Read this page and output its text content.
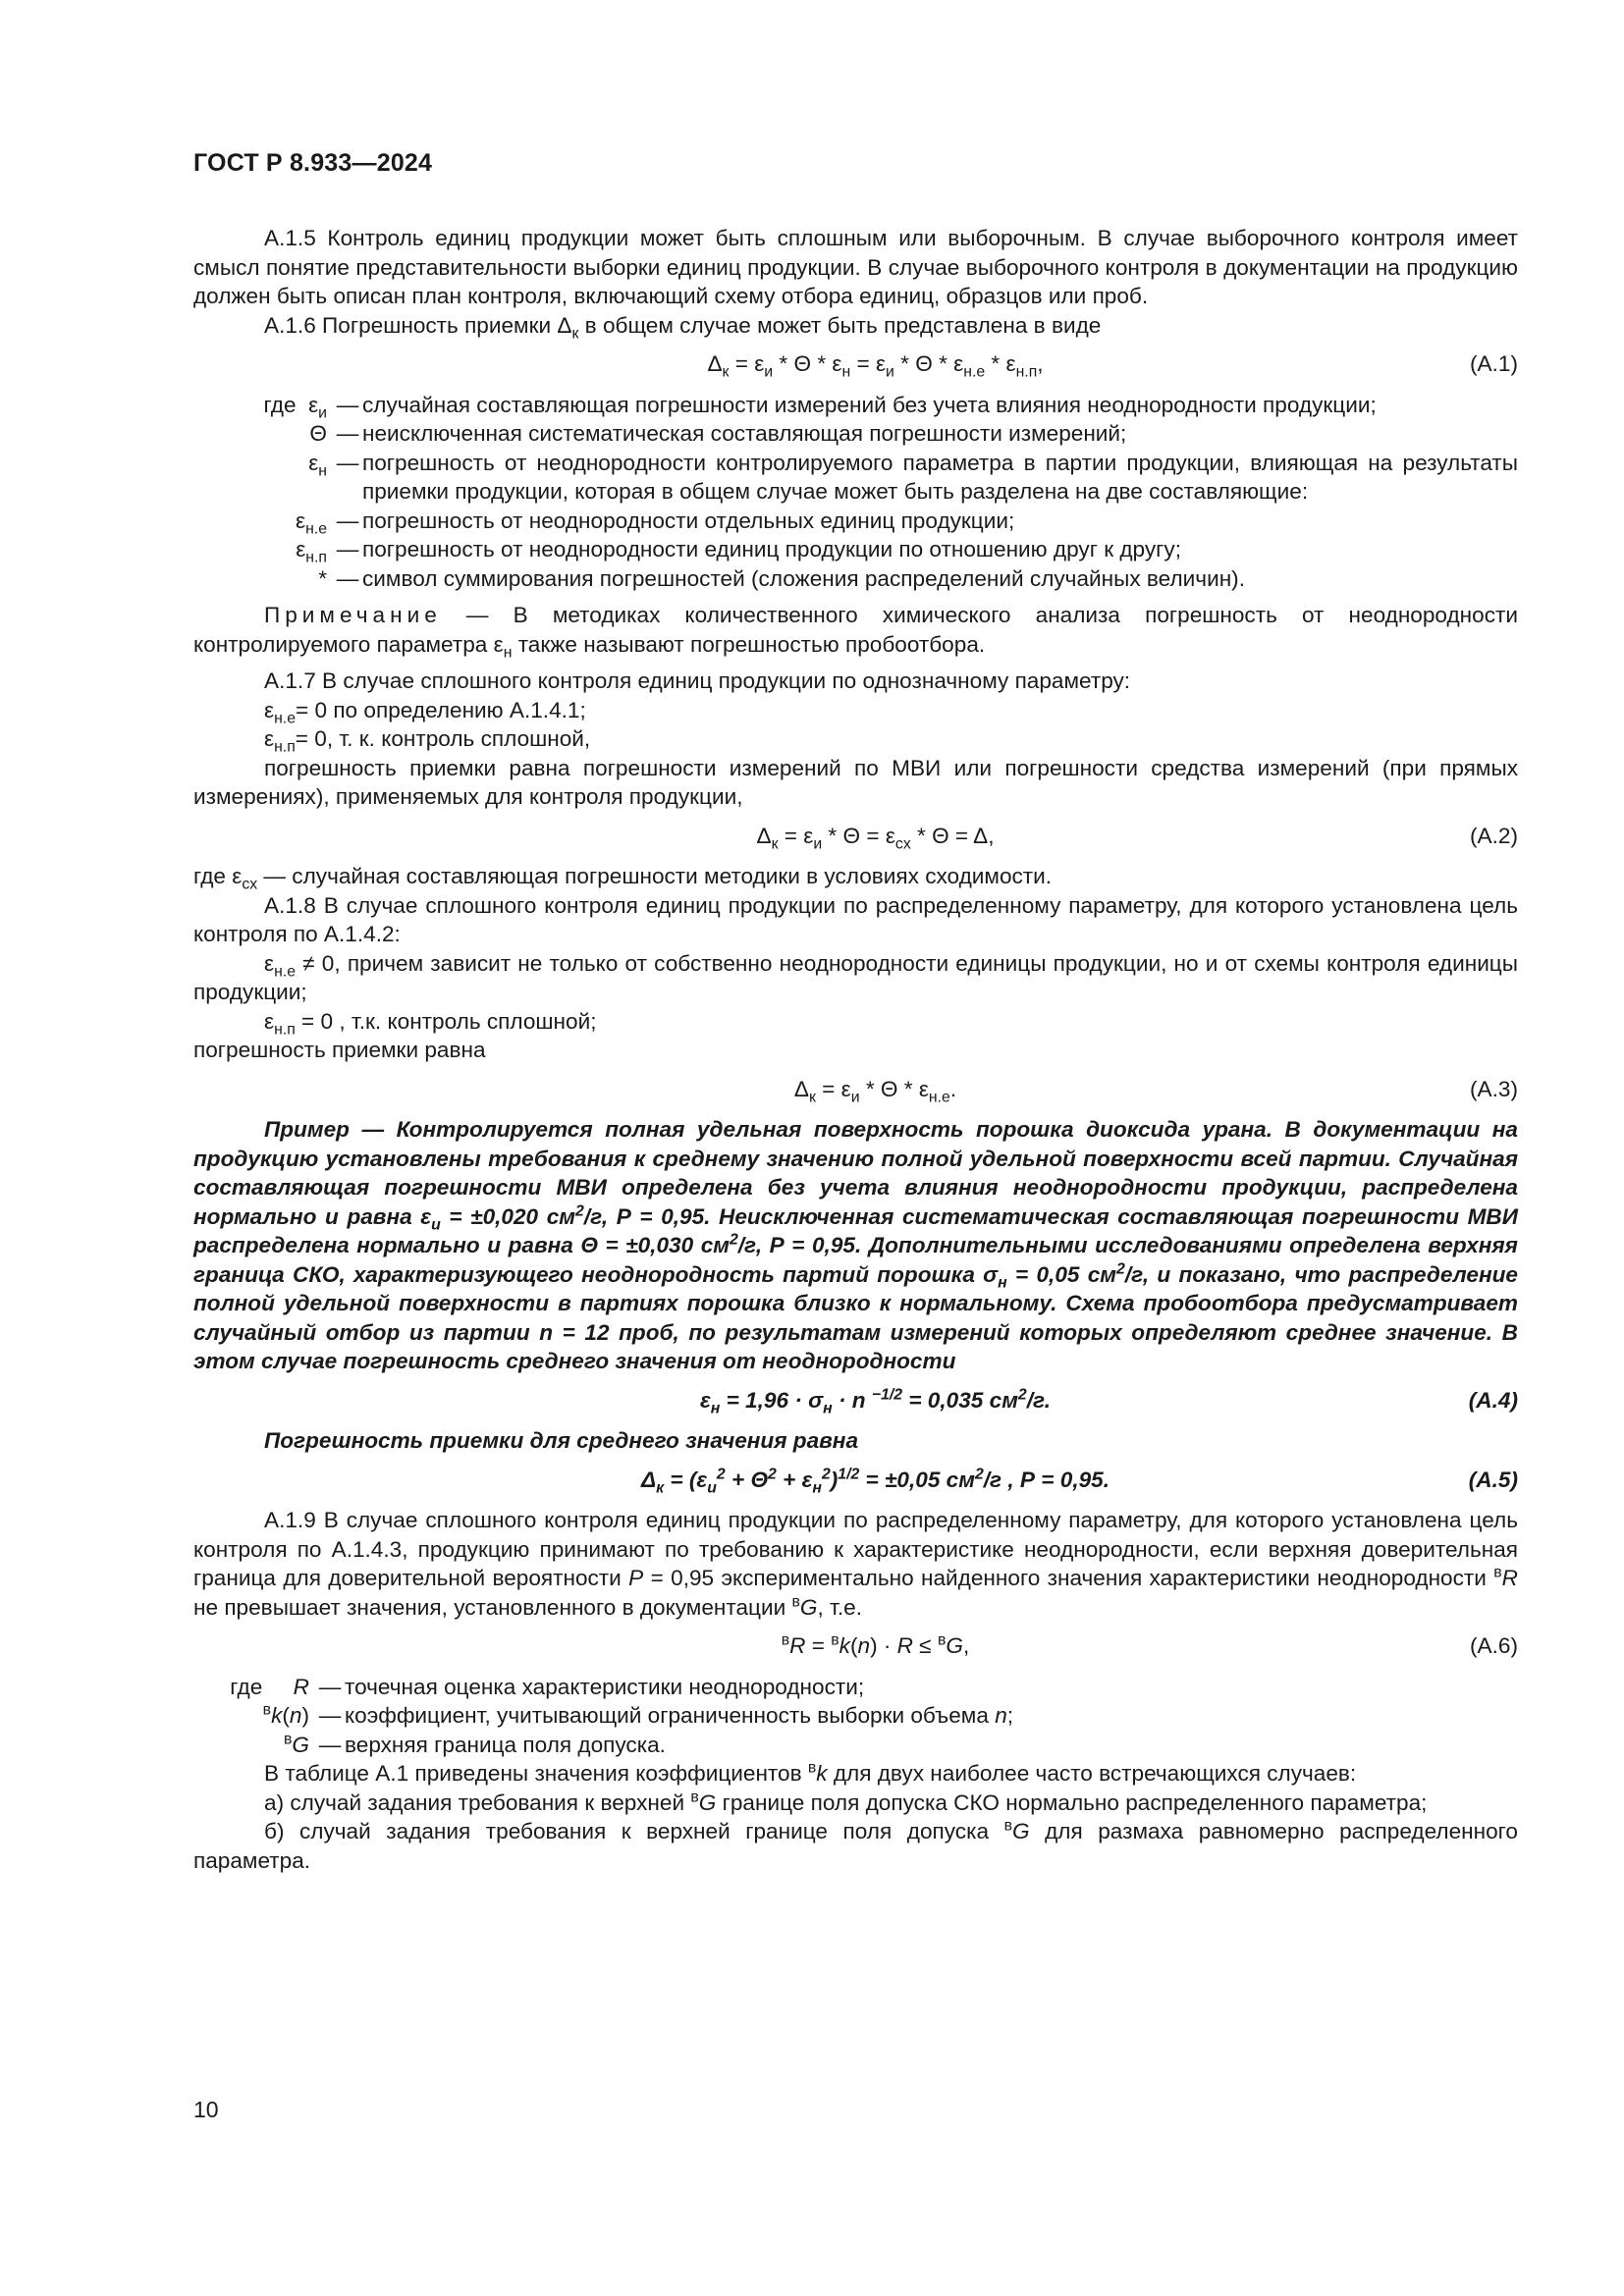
ГОСТ Р 8.933—2024

А.1.5 Контроль единиц продукции может быть сплошным или выборочным. В случае выборочного контроля имеет смысл понятие представительности выборки единиц продукции. В случае выборочного контроля в документации на продукцию должен быть описан план контроля, включающий схему отбора единиц, образцов или проб.

А.1.6 Погрешность приемки $\Delta_к$ в общем случае может быть представлена в виде

$\Delta_к = \varepsilon_и * \Theta * \varepsilon_н = \varepsilon_и * \Theta * \varepsilon_{н.е} * \varepsilon_{н.п}$,	(A.1)
где  $\varepsilon_и$ — случайная составляющая погрешности измерений без учета влияния неоднородности продукции;
Θ — неисключенная систематическая составляющая погрешности измерений;
$\varepsilon_н$ — погрешность от неоднородности контролируемого параметра в партии продукции, влияющая на результаты приемки продукции, которая в общем случае может быть разделена на две составляющие:
$\varepsilon_{н.е}$ — погрешность от неоднородности отдельных единиц продукции;
$\varepsilon_{н.п}$ — погрешность от неоднородности единиц продукции по отношению друг к другу;
* — символ суммирования погрешностей (сложения распределений случайных величин).

Примечание — В методиках количественного химического анализа погрешность от неоднородности контролируемого параметра $\varepsilon_н$ также называют погрешностью пробоотбора.

А.1.7 В случае сплошного контроля единиц продукции по однозначному параметру:

$\varepsilon_{н.е}= 0$ по определению А.1.4.1;

$\varepsilon_{н.п}= 0$, т. к. контроль сплошной,

погрешность приемки равна погрешности измерений по МВИ или погрешности средства измерений (при прямых измерениях), применяемых для контроля продукции,

$\Delta_к = \varepsilon_и * \Theta = \varepsilon_{сх} * \Theta = \Delta$,	(A.2)

где $\varepsilon_{сх}$ — случайная составляющая погрешности методики в условиях сходимости.

А.1.8 В случае сплошного контроля единиц продукции по распределенному параметру, для которого установлена цель контроля по А.1.4.2:

$\varepsilon_{н.е} \ne 0$, причем зависит не только от собственно неоднородности единицы продукции, но и от схемы контроля единицы продукции;

$\varepsilon_{н.п} = 0$ , т.к. контроль сплошной;

погрешность приемки равна

$\Delta_к = \varepsilon_и * \Theta * \varepsilon_{н.е}$.	(A.3)

Пример — Контролируется полная удельная поверхность порошка диоксида урана. В документации на продукцию установлены требования к среднему значению полной удельной поверхности всей партии. Случайная составляющая погрешности МВИ определена без учета влияния неоднородности продукции, распределена нормально и равна $\varepsilon_u = \pm 0,020$ $см^2/г$, Р = 0,95. Неисключенная систематическая составляющая погрешности МВИ распределена нормально и равна Θ = ±0,030 $см^2/г$, Р = 0,95. Дополнительными исследованиями определена верхняя граница СКО, характеризующего неоднородность партий порошка $\sigma_н = 0,05$ $см^2/г$, и показано, что распределение полной удельной поверхности в партиях порошка близко к нормальному. Схема пробоотбора предусматривает случайный отбор из партии n = 12 проб, по результатам измерений которых определяют среднее значение. В этом случае погрешность среднего значения от неоднородности

$\varepsilon_н = 1,96 \cdot \sigma_н \cdot n$ $^{-1/2}$ = 0,035 $см^2/г$.	(A.4)

Погрешность приемки для среднего значения равна

$\Delta_к = (\varepsilon_u^2 + \Theta^2 + \varepsilon_н^2)^{1/2} = \pm 0,05$ $см^2/г$ , Р = 0,95.	(A.5)

А.1.9 В случае сплошного контроля единиц продукции по распределенному параметру, для которого установлена цель контроля по А.1.4.3, продукцию принимают по требованию к характеристике неоднородности, если верхняя доверительная граница для доверительной вероятности P = 0,95 экспериментально найденного значения характеристики неоднородности $^в$R не превышает значения, установленного в документации $^в$G, т.е.

$^в$R = $^в$k(n) · R ≤ $^в$G,	(A.6)
где     R — точечная оценка характеристики неоднородности;
$^в$k(n) — коэффициент, учитывающий ограниченность выборки объема n;
$^в$G — верхняя граница поля допуска.

В таблице А.1 приведены значения коэффициентов $^в$k для двух наиболее часто встречающихся случаев:

а) случай задания требования к верхней $^в$G границе поля допуска СКО нормально распределенного параметра;

б) случай задания требования к верхней границе поля допуска $^в$G для размаха равномерно распределенного параметра.

10
